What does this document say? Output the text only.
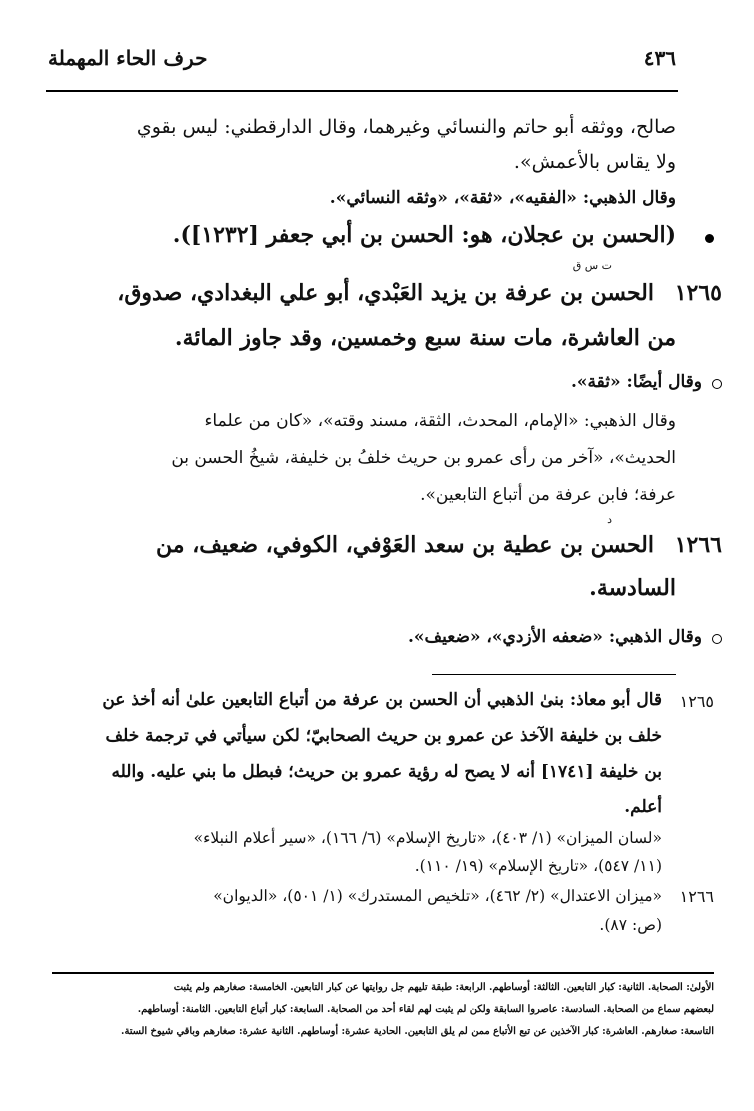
حرف الحاء المهملة	٤٣٦
صالح، ووثقه أبو حاتم والنسائي وغيرهما، وقال الدارقطني: ليس بقوي
ولا يقاس بالأعمش».
وقال الذهبي: «الفقيه»، «ثقة»، «وثقه النسائي».
(الحسن بن عجلان، هو: الحسن بن أبي جعفر [١٢٣٢]).
ت س ق
١٢٦٥
الحسن بن عرفة بن يزيد العَبْدي، أبو علي البغدادي، صدوق،
من العاشرة، مات سنة سبع وخمسين، وقد جاوز المائة.
وقال أيضًا: «ثقة».
وقال الذهبي: «الإمام، المحدث، الثقة، مسند وقته»، «كان من علماء
الحديث»، «آخر من رأى عمرو بن حريث خلفُ بن خليفة، شيخُ الحسن بن
عرفة؛ فابن عرفة من أتباع التابعين».
د
١٢٦٦
الحسن بن عطية بن سعد العَوْفي، الكوفي، ضعيف، من
السادسة.
وقال الذهبي: «ضعفه الأزدي»، «ضعيف».
١٢٦٥
قال أبو معاذ: بنىٰ الذهبي أن الحسن بن عرفة من أتباع التابعين علىٰ أنه أخذ عن
خلف بن خليفة الآخذ عن عمرو بن حريث الصحابيّ؛ لكن سيأتي في ترجمة خلف
بن خليفة [١٧٤١] أنه لا يصح له رؤية عمرو بن حريث؛ فبطل ما بني عليه. والله
أعلم.
«لسان الميزان» (١/ ٤٠٣)، «تاريخ الإسلام» (٦/ ١٦٦)، «سير أعلام النبلاء»
(١١/ ٥٤٧)، «تاريخ الإسلام» (١٩/ ١١٠).
١٢٦٦
«ميزان الاعتدال» (٢/ ٤٦٢)، «تلخيص المستدرك» (١/ ٥٠١)، «الديوان»
(ص: ٨٧).
الأولىٰ: الصحابة. الثانية: كبار التابعين. الثالثة: أوساطهم. الرابعة: طبقة تليهم جل روايتها عن كبار التابعين. الخامسة: صغارهم ولم يثبت
لبعضهم سماع من الصحابة. السادسة: عاصروا السابقة ولكن لم يثبت لهم لقاء أحد من الصحابة. السابعة: كبار أتباع التابعين. الثامنة: أوساطهم.
التاسعة: صغارهم. العاشرة: كبار الآخذين عن تبع الأتباع ممن لم يلق التابعين. الحادية عشرة: أوساطهم. الثانية عشرة: صغارهم وباقي شيوخ الستة.
